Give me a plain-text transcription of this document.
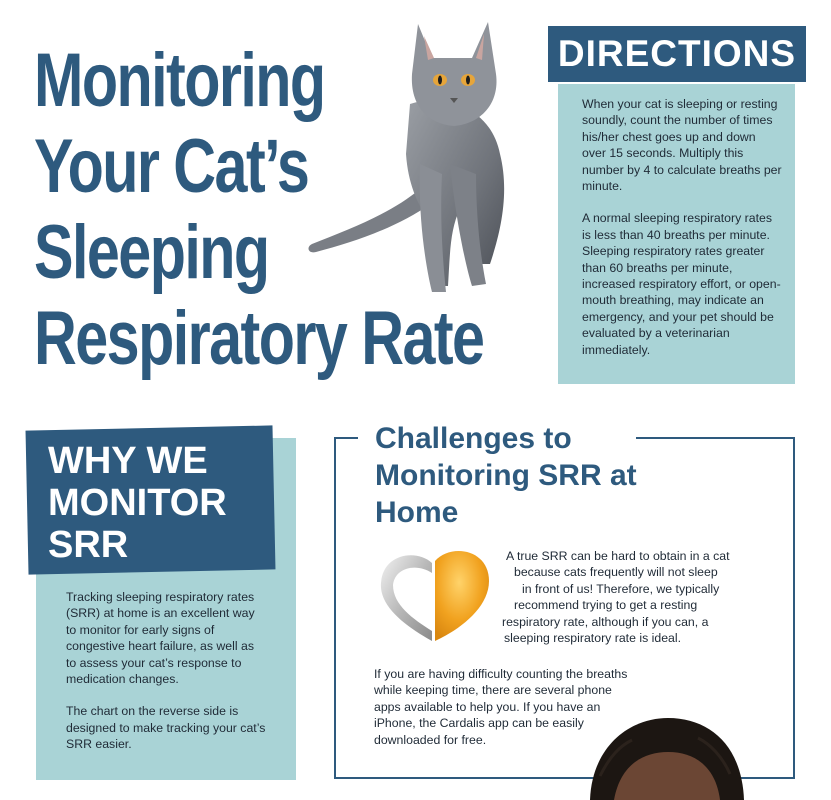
Monitoring
Your Cat’s
Sleeping
Respiratory Rate
DIRECTIONS

When your cat is sleeping or resting soundly, count the number of times his/her chest goes up and down over 15 seconds. Multiply this number by 4 to calculate breaths per minute.

A normal sleeping respiratory rates is less than 40 breaths per minute. Sleeping respiratory rates greater than 60 breaths per minute, increased respiratory effort, or open-mouth breathing, may indicate an emergency, and your pet should be evaluated by a veterinarian immediately.

WHY WE
MONITOR
SRR

Tracking sleeping respiratory rates (SRR) at home is an excellent way to monitor for early signs of congestive heart failure, as well as to assess your cat’s response to medication changes.

The chart on the reverse side is designed to make tracking your cat’s SRR easier.

Challenges to
Monitoring SRR at
Home
A true SRR can be hard to obtain in a cat
because cats frequently will not sleep
in front of us! Therefore, we typically
recommend trying to get a resting
respiratory rate, although if you can, a
sleeping respiratory rate is ideal.
If you are having difficulty counting the breaths
while keeping time, there are several phone
apps available to help you. If you have an
iPhone, the Cardalis app can be easily
downloaded for free.
